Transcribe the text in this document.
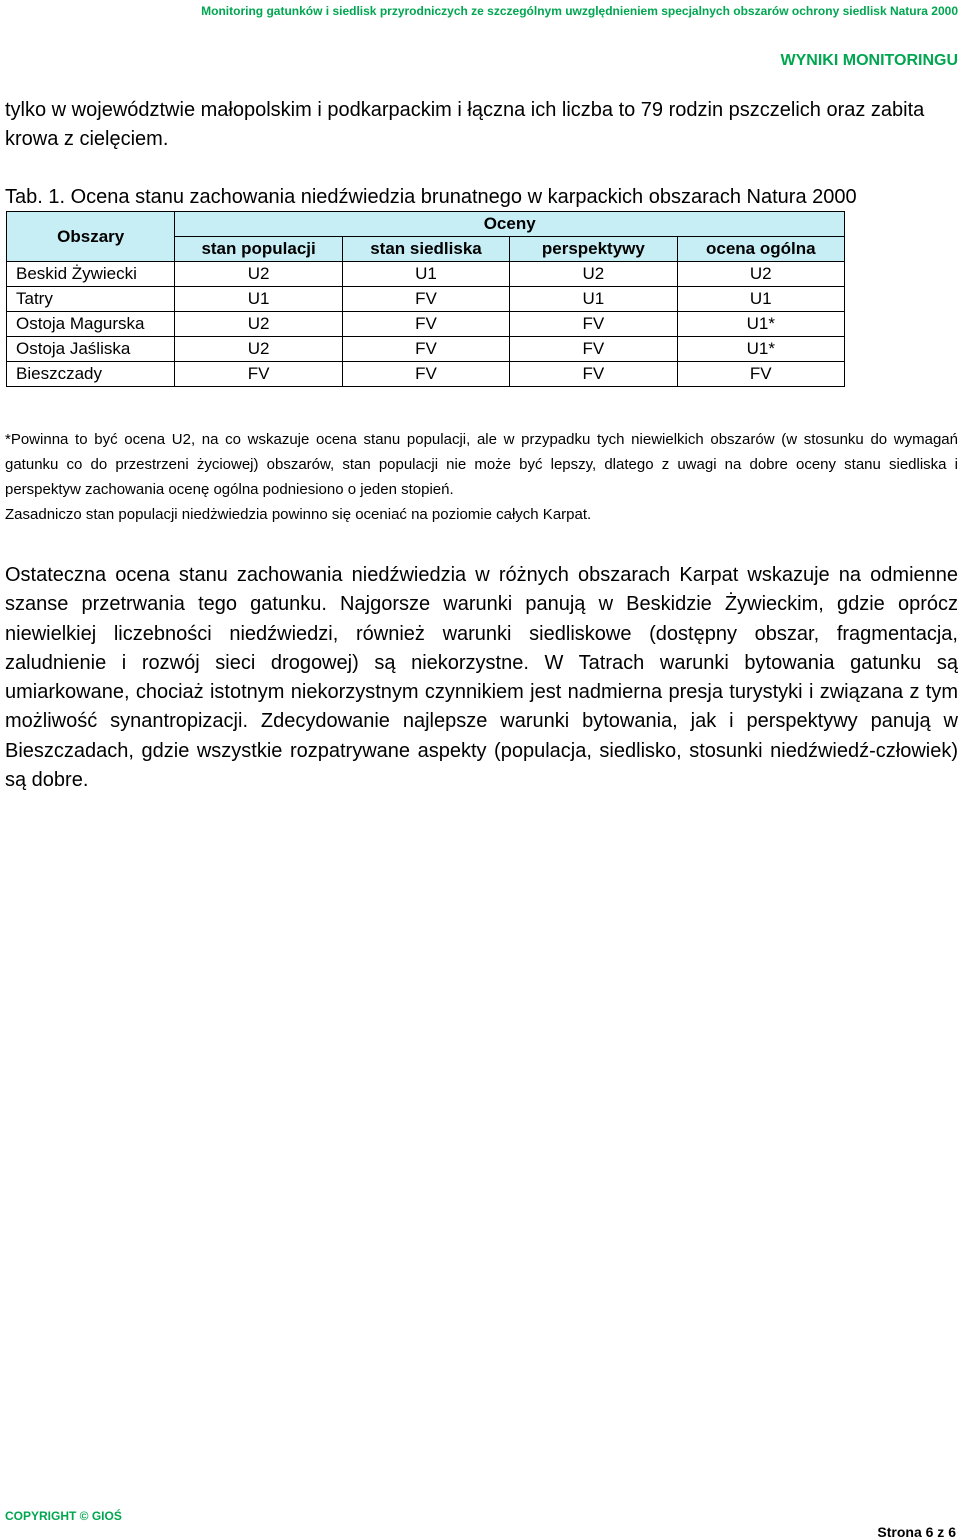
Monitoring gatunków i siedlisk przyrodniczych ze szczególnym uwzględnieniem specjalnych obszarów ochrony siedlisk Natura 2000
WYNIKI MONITORINGU
tylko w województwie małopolskim i podkarpackim i łączna ich liczba to 79 rodzin pszczelich oraz zabita krowa z cielęciem.
Tab. 1. Ocena stanu zachowania niedźwiedzia brunatnego w karpackich obszarach Natura 2000
Obszary	Oceny			
	stan populacji	stan siedliska	perspektywy	ocena ogólna
Beskid Żywiecki	U2	U1	U2	U2
Tatry	U1	FV	U1	U1
Ostoja Magurska	U2	FV	FV	U1*
Ostoja Jaśliska	U2	FV	FV	U1*
Bieszczady	FV	FV	FV	FV
*Powinna to być ocena U2, na co wskazuje ocena stanu populacji, ale w przypadku tych niewielkich obszarów (w stosunku do wymagań gatunku co do przestrzeni życiowej) obszarów, stan populacji nie może być lepszy, dlatego z uwagi na dobre oceny stanu siedliska i perspektyw zachowania ocenę ogólna podniesiono o jeden stopień.
Zasadniczo stan populacji niedżwiedzia powinno się oceniać na poziomie całych Karpat.
Ostateczna ocena stanu zachowania niedźwiedzia w różnych obszarach Karpat wskazuje na odmienne szanse przetrwania tego gatunku. Najgorsze warunki panują w Beskidzie Żywieckim, gdzie oprócz niewielkiej liczebności niedźwiedzi, również warunki siedliskowe (dostępny obszar, fragmentacja, zaludnienie i rozwój sieci drogowej) są niekorzystne. W Tatrach warunki bytowania gatunku są umiarkowane, chociaż istotnym niekorzystnym czynnikiem jest nadmierna presja turystyki i związana z tym możliwość synantropizacji. Zdecydowanie najlepsze warunki bytowania, jak i perspektywy panują w Bieszczadach, gdzie wszystkie rozpatrywane aspekty (populacja, siedlisko, stosunki niedźwiedź-człowiek) są dobre.
COPYRIGHT © GIOŚ
Strona 6 z 6
